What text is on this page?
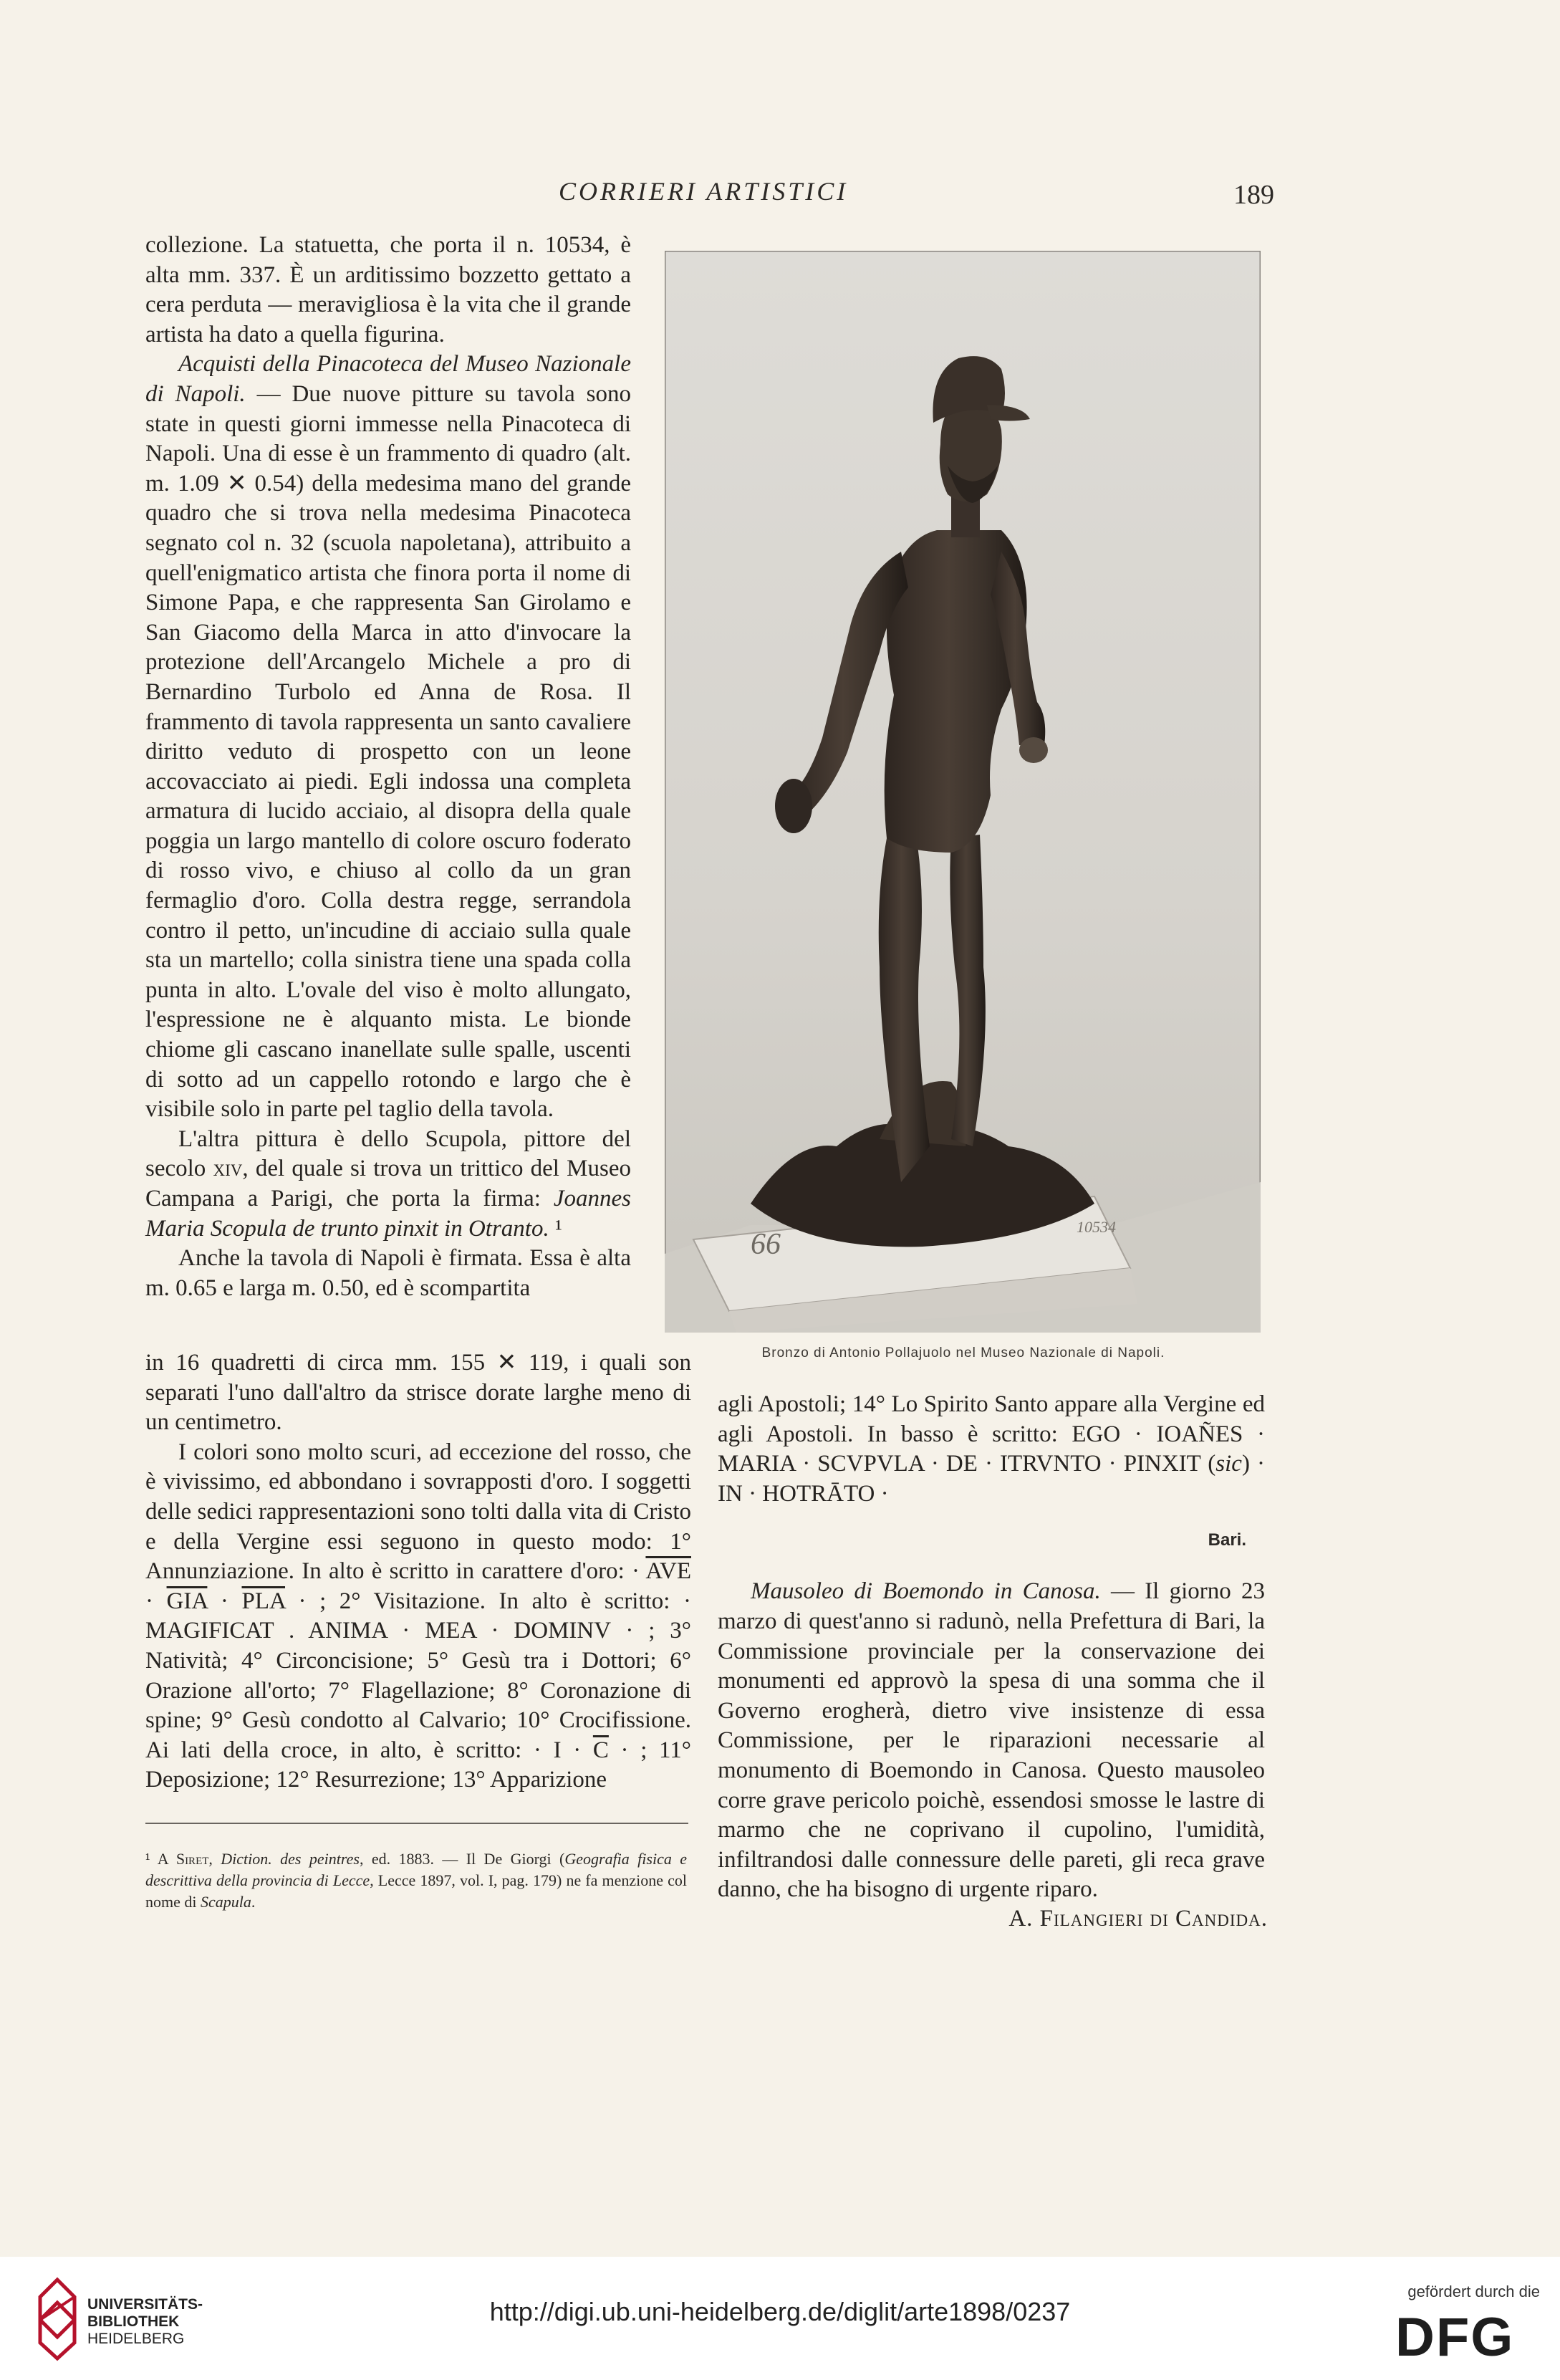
CORRIERI ARTISTICI	189

collezione. La statuetta, che porta il n. 10534, è alta mm. 337. È un arditissimo bozzetto gettato a cera perduta — meravigliosa è la vita che il grande artista ha dato a quella figurina.

Acquisti della Pinacoteca del Museo Nazionale di Napoli. — Due nuove pitture su tavola sono state in questi giorni immesse nella Pinacoteca di Napoli. Una di esse è un frammento di quadro (alt. m. 1.09 ✕ 0.54) della medesima mano del grande quadro che si trova nella medesima Pinacoteca segnato col n. 32 (scuola napoletana), attribuito a quell'enigmatico artista che finora porta il nome di Simone Papa, e che rappresenta San Girolamo e San Giacomo della Marca in atto d'invocare la protezione dell'Arcangelo Michele a pro di Bernardino Turbolo ed Anna de Rosa. Il frammento di tavola rappresenta un santo cavaliere diritto veduto di prospetto con un leone accovacciato ai piedi. Egli indossa una completa armatura di lucido acciaio, al disopra della quale poggia un largo mantello di colore oscuro foderato di rosso vivo, e chiuso al collo da un gran fermaglio d'oro. Colla destra regge, serrandola contro il petto, un'incudine di acciaio sulla quale sta un martello; colla sinistra tiene una spada colla punta in alto. L'ovale del viso è molto allungato, l'espressione ne è alquanto mista. Le bionde chiome gli cascano inanellate sulle spalle, uscenti di sotto ad un cappello rotondo e largo che è visibile solo in parte pel taglio della tavola.

L'altra pittura è dello Scupola, pittore del secolo xiv, del quale si trova un trittico del Museo Campana a Parigi, che porta la firma: Joannes Maria Scopula de trunto pinxit in Otranto. ¹

Anche la tavola di Napoli è firmata. Essa è alta m. 0.65 e larga m. 0.50, ed è scompartita

10534
66
Bronzo di Antonio Pollajuolo nel Museo Nazionale di Napoli.

in 16 quadretti di circa mm. 155 ✕ 119, i quali son separati l'uno dall'altro da strisce dorate larghe meno di un centimetro.

I colori sono molto scuri, ad eccezione del rosso, che è vivissimo, ed abbondano i sovrapposti d'oro. I soggetti delle sedici rappresentazioni sono tolti dalla vita di Cristo e della Vergine essi seguono in questo modo: 1° Annunziazione. In alto è scritto in carattere d'oro: · $\overline{AVE} \cdot \overline{GIA} \cdot \overline{PLA}$ · ; 2° Visitazione. In alto è scritto: · MAGIFICAT . ANIMA · MEA · DOMINV · ; 3° Natività; 4° Circoncisione; 5° Gesù tra i Dottori; 6° Orazione all'orto; 7° Flagellazione; 8° Coronazione di spine; 9° Gesù condotto al Calvario; 10° Crocifissione. Ai lati della croce, in alto, è scritto: · $I \cdot \overline{C}$ · ; 11° Deposizione; 12° Resurrezione; 13° Apparizione

agli Apostoli; 14° Lo Spirito Santo appare alla Vergine ed agli Apostoli. In basso è scritto: EGO · IOAÑES · MARIA · SCVPVLA · DE · ITRVNTO · PINXIT (sic) · IN · HOTRĀTO ·

Mausoleo di Boemondo in Canosa. — Il giorno 23 marzo di quest'anno si radunò, nella Prefettura di Bari, la Commissione provinciale per la conservazione dei monumenti ed approvò la spesa di una somma che il Governo erogherà, dietro vive insistenze di essa Commissione, per le riparazioni necessarie al monumento di Boemondo in Canosa. Questo mausoleo corre grave pericolo poichè, essendosi smosse le lastre di marmo che ne coprivano il cupolino, l'umidità, infiltrandosi dalle connessure delle pareti, gli reca grave danno, che ha bisogno di urgente riparo.

Bari.
A. Filangieri di Candida.
¹ A Siret, Diction. des peintres, ed. 1883. — Il De Giorgi (Geografia fisica e descrittiva della provincia di Lecce, Lecce 1897, vol. I, pag. 179) ne fa menzione col nome di Scapula.
UNIVERSITÄTS-
BIBLIOTHEK
HEIDELBERG
http://digi.ub.uni-heidelberg.de/diglit/arte1898/0237
gefördert durch die
DFG
